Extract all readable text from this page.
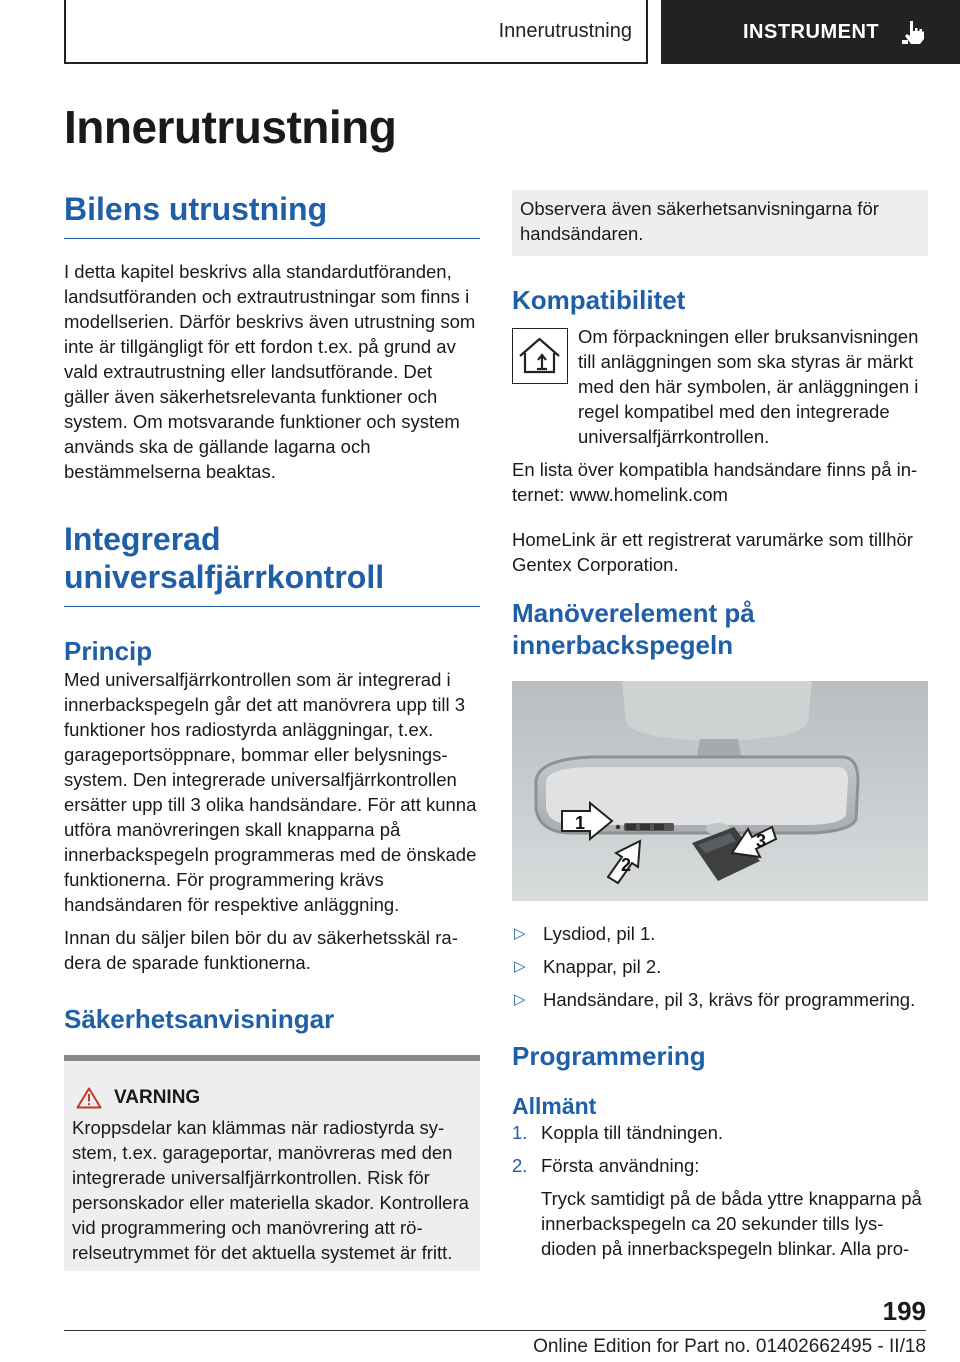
Innerutrustning	INSTRUMENT
Innerutrustning
Bilens utrustning

I detta kapitel beskrivs alla standardutföranden, landsutföranden och extrautrustningar som finns i modellserien. Därför beskrivs även utrustning som inte är tillgängligt för ett fordon t.ex. på grund av vald extrautrustning eller landsutförande. Det gäller även säkerhetsrelevanta funktioner och system. Om motsvarande funktioner och system används ska de gällande lagarna och bestämmelserna beaktas.

Integrerad universalfjärrkontroll
Princip

Med universalfjärrkontrollen som är integrerad i innerbackspegeln går det att manövrera upp till 3 funktioner hos radiostyrda anläggningar, t.ex. garageportsöppnare, bommar eller belysningssystem. Den integrerade universalfjärrkontrollen ersätter upp till 3 olika handsändare. För att kunna utföra manövreringen skall knapparna på innerbackspegeln programmeras med de önskade funktionerna. För programmering krävs handsändaren för respektive anläggning.

Innan du säljer bilen bör du av säkerhetsskäl radera de sparade funktionerna.

Säkerhetsanvisningar
VARNING

Kroppsdelar kan klämmas när radiostyrda system, t.ex. garageportar, manövreras med den integrerade universalfjärrkontrollen. Risk för personskador eller materiella skador. Kontrollera vid programmering och manövrering att rörelseutrymmet för det aktuella systemet är fritt.

Observera även säkerhetsanvisningarna för handsändaren.

Kompatibilitet

Om förpackningen eller bruksanvisningen till anläggningen som ska styras är märkt med den här symbolen, är anläggningen i regel kompatibel med den integrerade universalfjärrkontrollen.

En lista över kompatibla handsändare finns på internet: www.homelink.com

HomeLink är ett registrerat varumärke som tillhör Gentex Corporation.

Manöverelement på innerbackspegeln
1
2
3
▷ Lysdiod, pil 1.
▷ Knappar, pil 2.
▷ Handsändare, pil 3, krävs för programmering.
Programmering
Allmänt
1. Koppla till tändningen.
2. Första användning:

Tryck samtidigt på de båda yttre knapparna på innerbackspegeln ca 20 sekunder tills lysdioden på innerbackspegeln blinkar. Alla pro-

199
Online Edition for Part no. 01402662495 - II/18
